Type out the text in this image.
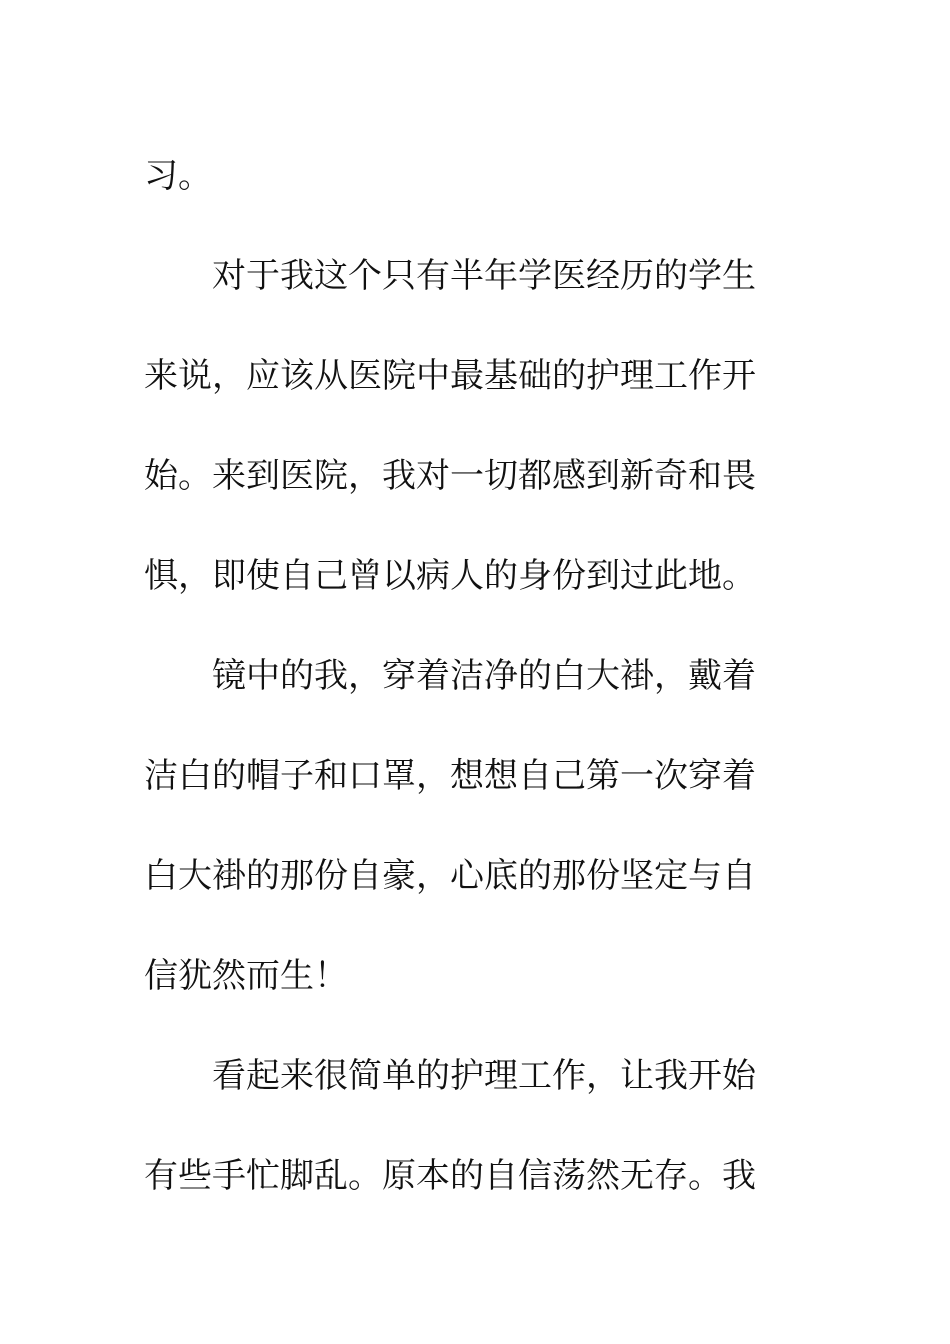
习。
对于我这个只有半年学医经历的学生
来说，应该从医院中最基础的护理工作开
始。来到医院，我对一切都感到新奇和畏
惧，即使自己曾以病人的身份到过此地。
镜中的我，穿着洁净的白大褂，戴着
洁白的帽子和口罩，想想自己第一次穿着
白大褂的那份自豪，心底的那份坚定与自
信犹然而生！
看起来很简单的护理工作，让我开始
有些手忙脚乱。原本的自信荡然无存。我
